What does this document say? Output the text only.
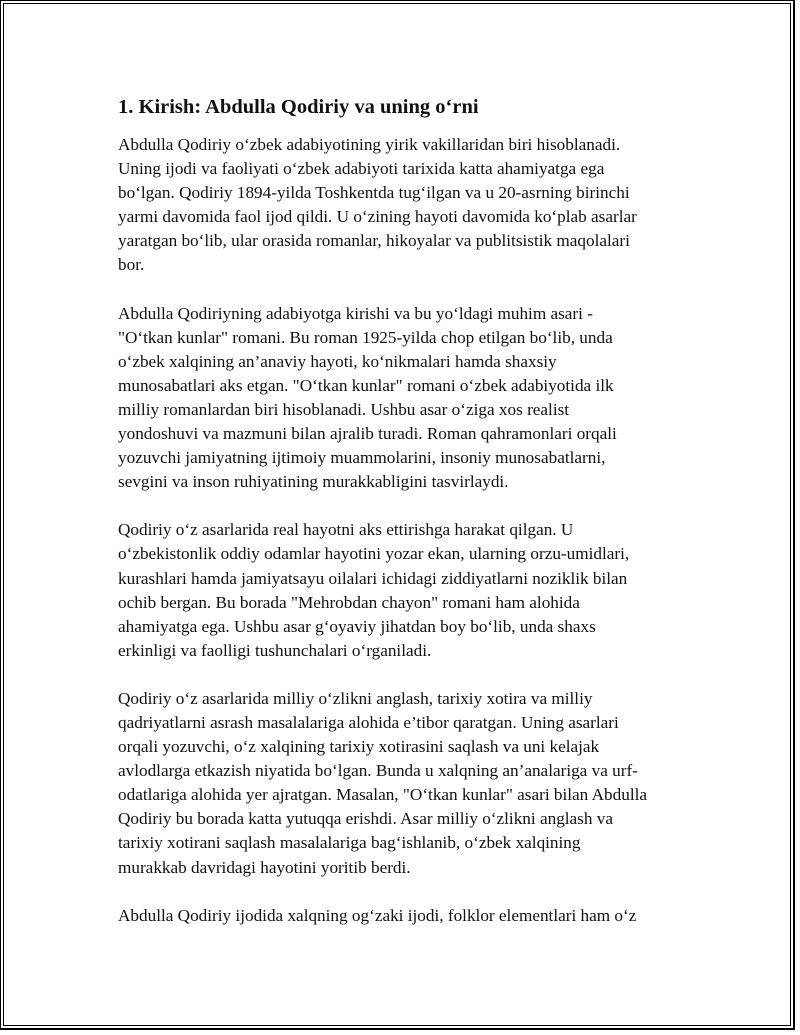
1. Kirish: Abdulla Qodiriy va uning o‘rni

Abdulla Qodiriy o‘zbek adabiyotining yirik vakillaridan biri hisoblanadi.
Uning ijodi va faoliyati o‘zbek adabiyoti tarixida katta ahamiyatga ega
bo‘lgan. Qodiriy 1894-yilda Toshkentda tug‘ilgan va u 20-asrning birinchi
yarmi davomida faol ijod qildi. U o‘zining hayoti davomida ko‘plab asarlar
yaratgan bo‘lib, ular orasida romanlar, hikoyalar va publitsistik maqolalari
bor.

Abdulla Qodiriyning adabiyotga kirishi va bu yo‘ldagi muhim asari -
"O‘tkan kunlar" romani. Bu roman 1925-yilda chop etilgan bo‘lib, unda
o‘zbek xalqining an’anaviy hayoti, ko‘nikmalari hamda shaxsiy
munosabatlari aks etgan. "O‘tkan kunlar" romani o‘zbek adabiyotida ilk
milliy romanlardan biri hisoblanadi. Ushbu asar o‘ziga xos realist
yondoshuvi va mazmuni bilan ajralib turadi. Roman qahramonlari orqali
yozuvchi jamiyatning ijtimoiy muammolarini, insoniy munosabatlarni,
sevgini va inson ruhiyatining murakkabligini tasvirlaydi.

Qodiriy o‘z asarlarida real hayotni aks ettirishga harakat qilgan. U
o‘zbekistonlik oddiy odamlar hayotini yozar ekan, ularning orzu-umidlari,
kurashlari hamda jamiyatsayu oilalari ichidagi ziddiyatlarni noziklik bilan
ochib bergan. Bu borada "Mehrobdan chayon" romani ham alohida
ahamiyatga ega. Ushbu asar g‘oyaviy jihatdan boy bo‘lib, unda shaxs
erkinligi va faolligi tushunchalari o‘rganiladi.

Qodiriy o‘z asarlarida milliy o‘zlikni anglash, tarixiy xotira va milliy
qadriyatlarni asrash masalalariga alohida e’tibor qaratgan. Uning asarlari
orqali yozuvchi, o‘z xalqining tarixiy xotirasini saqlash va uni kelajak
avlodlarga etkazish niyatida bo‘lgan. Bunda u xalqning an’analariga va urf-
odatlariga alohida yer ajratgan. Masalan, "O‘tkan kunlar" asari bilan Abdulla
Qodiriy bu borada katta yutuqqa erishdi. Asar milliy o‘zlikni anglash va
tarixiy xotirani saqlash masalalariga bag‘ishlanib, o‘zbek xalqining
murakkab davridagi hayotini yoritib berdi.

Abdulla Qodiriy ijodida xalqning og‘zaki ijodi, folklor elementlari ham o‘z
